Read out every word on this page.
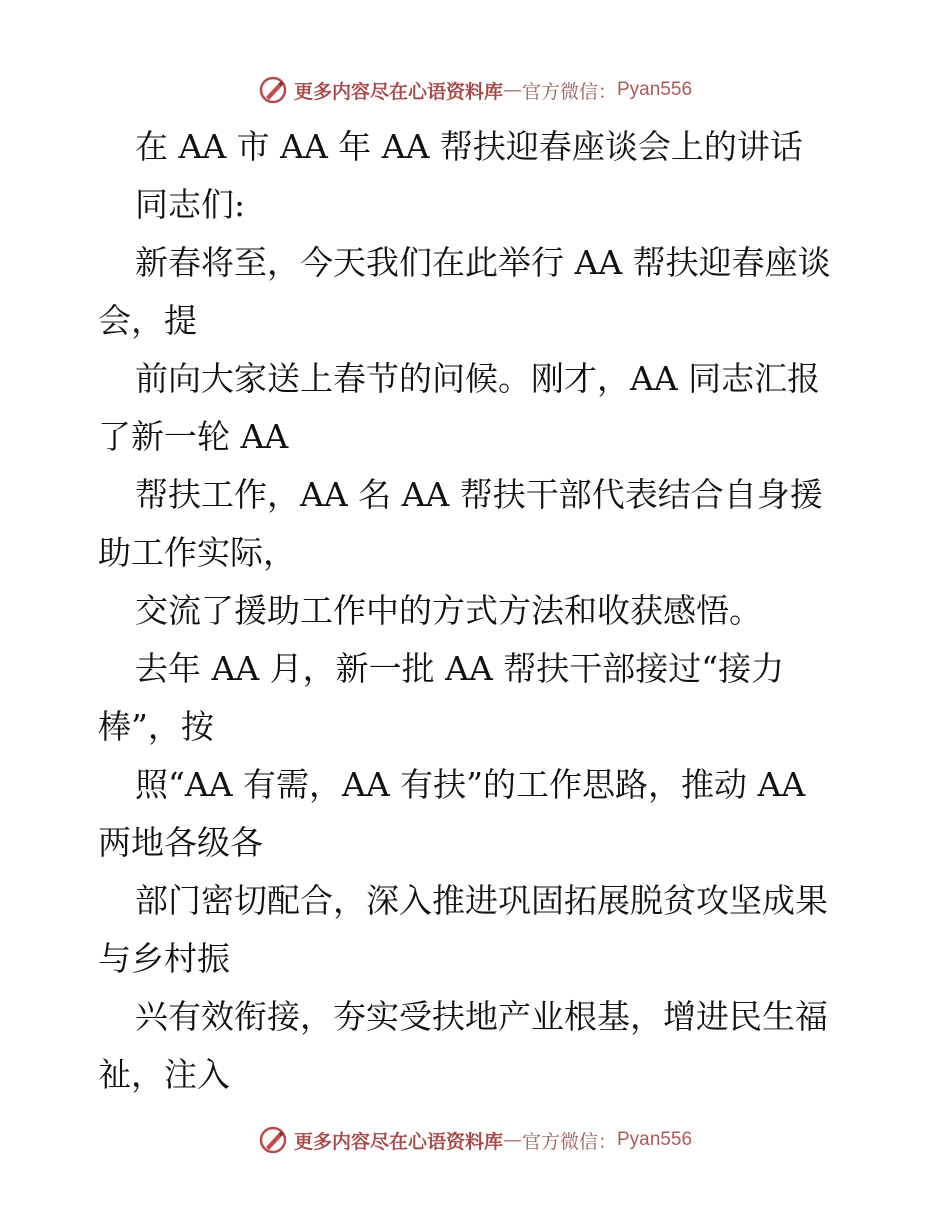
更多内容尽在心语资料库 — 官方微信： Pyan556
在 AA 市 AA 年 AA 帮扶迎春座谈会上的讲话
同志们:
新春将至，今天我们在此举行 AA 帮扶迎春座谈
会，提
前向大家送上春节的问候。刚才，AA 同志汇报
了新一轮 AA
帮扶工作，AA 名 AA 帮扶干部代表结合自身援
助工作实际，
交流了援助工作中的方式方法和收获感悟。
去年 AA 月，新一批 AA 帮扶干部接过“接力
棒”，按
照“AA 有需，AA 有扶”的工作思路，推动 AA
两地各级各
部门密切配合，深入推进巩固拓展脱贫攻坚成果
与乡村振
兴有效衔接，夯实受扶地产业根基，增进民生福
祉，注入
更多内容尽在心语资料库 — 官方微信： Pyan556
